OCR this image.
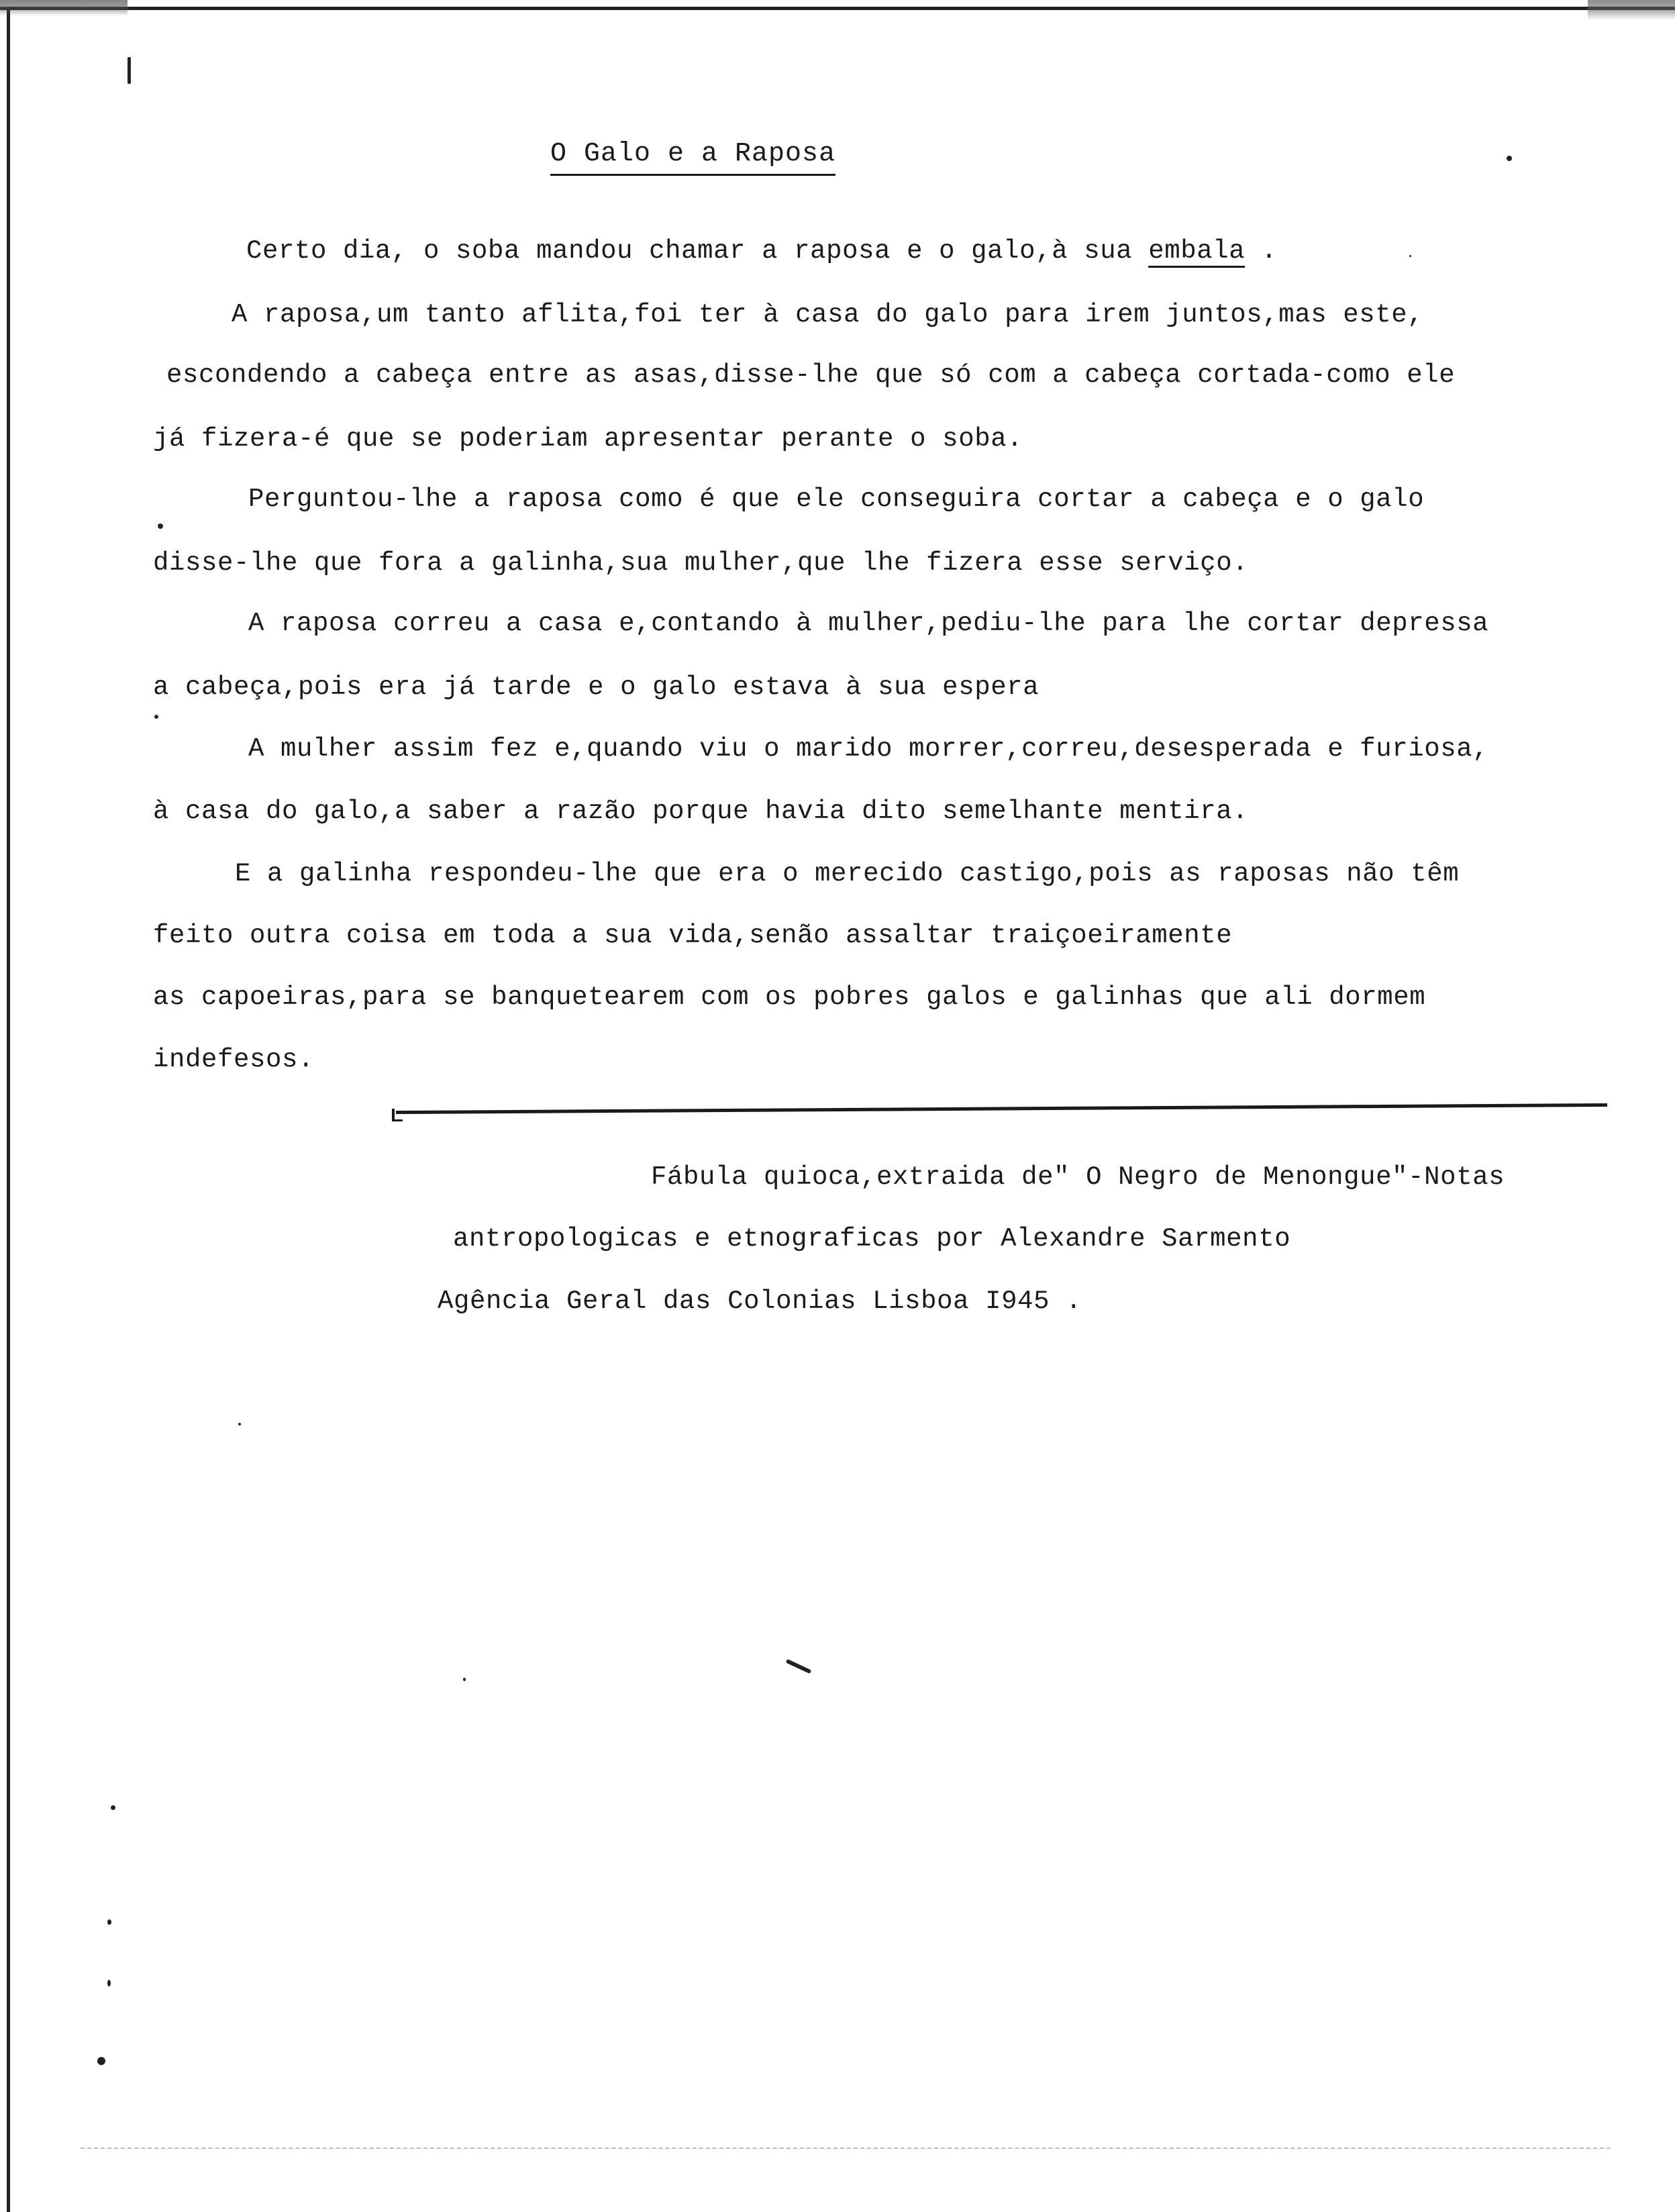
O Galo e a Raposa
Certo dia, o soba mandou chamar a raposa e o galo,à sua embala .
A raposa,um tanto aflita,foi ter à casa do galo para irem juntos,mas este,
escondendo a cabeça entre as asas,disse-lhe que só com a cabeça cortada-como ele
já fizera-é que se poderiam apresentar perante o soba.
Perguntou-lhe a raposa como é que ele conseguira cortar a cabeça e o galo
disse-lhe que fora a galinha,sua mulher,que lhe fizera esse serviço.
A raposa correu a casa e,contando à mulher,pediu-lhe para lhe cortar depressa
a cabeça,pois era já tarde e o galo estava à sua espera
A mulher assim fez e,quando viu o marido morrer,correu,desesperada e furiosa,
à casa do galo,a saber a razão porque havia dito semelhante mentira.
E a galinha respondeu-lhe que era o merecido castigo,pois as raposas não têm
feito outra coisa em toda a sua vida,senão assaltar traiçoeiramente
as capoeiras,para se banquetearem com os pobres galos e galinhas que ali dormem
indefesos.
Fábula quioca,extraida de" O Negro de Menongue"-Notas
antropologicas e etnograficas por Alexandre Sarmento
Agência Geral das Colonias Lisboa I945 .
